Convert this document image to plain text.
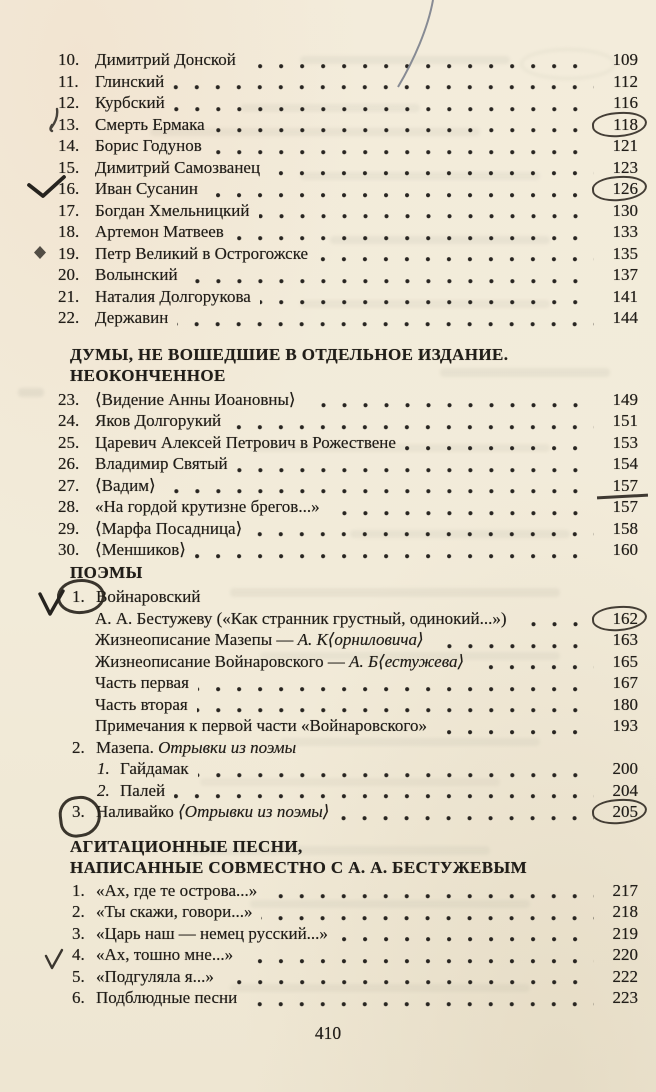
10. Димитрий Донской	109
11. Глинский	112
12. Курбский	116
13. Смерть Ермака	118
14. Борис Годунов	121
15. Димитрий Самозванец	123
16. Иван Сусанин	126
17. Богдан Хмельницкий	130
18. Артемон Матвеев	133
19. Петр Великий в Острогожске	135
20. Волынский	137
21. Наталия Долгорукова	141
22. Державин	144
ДУМЫ, НЕ ВОШЕДШИЕ В ОТДЕЛЬНОЕ ИЗДАНИЕ.
НЕОКОНЧЕННОЕ
23. ⟨Видение Анны Иоановны⟩	149
24. Яков Долгорукий	151
25. Царевич Алексей Петрович в Рожествене	153
26. Владимир Святый	154
27. ⟨Вадим⟩	157
28. «На гордой крутизне брегов...»	157
29. ⟨Марфа Посадница⟩	158
30. ⟨Меншиков⟩	160
ПОЭМЫ
1. Войнаровский
А. А. Бестужеву («Как странник грустный, одинокий...»)	162
Жизнеописание Мазепы — А. К⟨орниловича⟩	163
Жизнеописание Войнаровского — А. Б⟨естужева⟩	165
Часть первая	167
Часть вторая	180
Примечания к первой части «Войнаровского»	193
2. Мазепа. Отрывки из поэмы
1. Гайдамак	200
2. Палей	204
3. Наливайко ⟨Отрывки из поэмы⟩	205
АГИТАЦИОННЫЕ ПЕСНИ,
НАПИСАННЫЕ СОВМЕСТНО С А. А. БЕСТУЖЕВЫМ
1. «Ах, где те острова...»	217
2. «Ты скажи, говори...»	218
3. «Царь наш — немец русский...»	219
4. «Ах, тошно мне...»	220
5. «Подгуляла я...»	222
6. Подблюдные песни	223
410
